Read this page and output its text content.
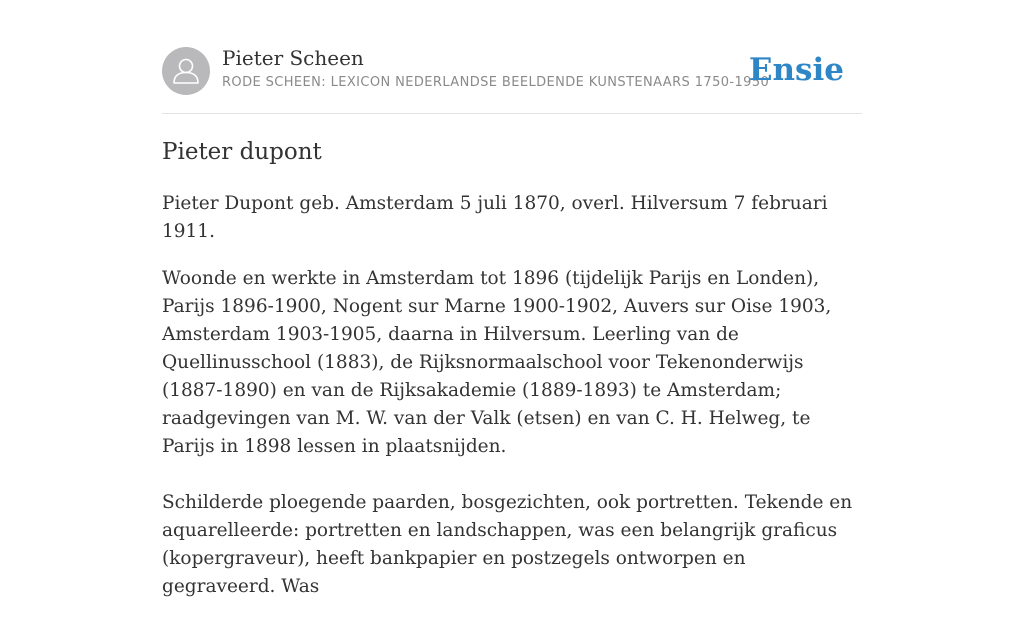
Pieter Scheen
RODE SCHEEN: LEXICON NEDERLANDSE BEELDENDE KUNSTENAARS 1750-1950
Ensie
Pieter dupont

Pieter Dupont geb. Amsterdam 5 juli 1870, overl. Hilversum 7 februari 1911.

Woonde en werkte in Amsterdam tot 1896 (tijdelijk Parijs en Londen), Parijs 1896-1900, Nogent sur Marne 1900-1902, Auvers sur Oise 1903, Amsterdam 1903-1905, daarna in Hilversum. Leerling van de Quellinusschool (1883), de Rijksnormaalschool voor Tekenonderwijs (1887-1890) en van de Rijksakademie (1889-1893) te Amsterdam; raadgevingen van M. W. van der Valk (etsen) en van C. H. Helweg, te Parijs in 1898 lessen in plaatsnijden.

Schilderde ploegende paarden, bosgezichten, ook portretten. Tekende en aquarelleerde: portretten en landschappen, was een belangrijk graficus (kopergraveur), heeft bankpapier en postzegels ontworpen en gegraveerd. Was
